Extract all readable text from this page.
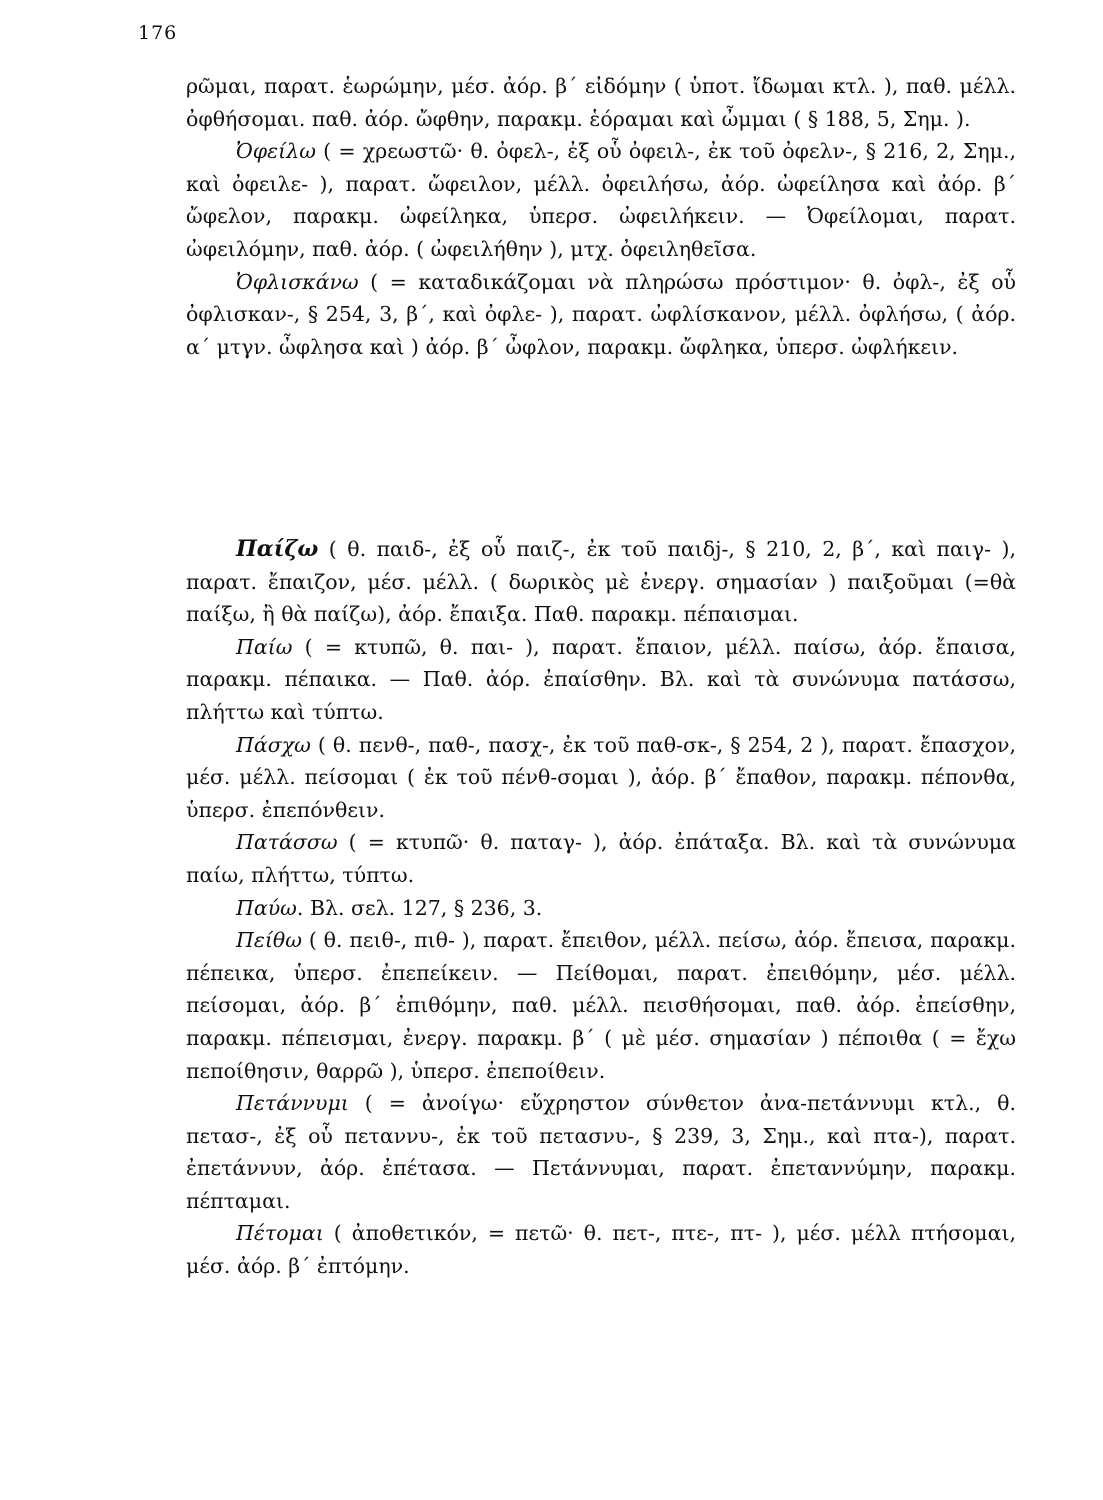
176

ρῶμαι, παρατ. ἑωρώμην, μέσ. ἀόρ. β΄ εἰδόμην ( ὑποτ. ἴδωμαι κτλ. ), παθ. μέλλ. ὀφθήσομαι. παθ. ἀόρ. ὤφθην, παρακμ. ἑόραμαι καὶ ὦμμαι ( § 188, 5, Σημ. ).

Ὀφείλω ( = χρεωστῶ· θ. ὀφελ-, ἐξ οὗ ὀφειλ-, ἐκ τοῦ ὀφελν-, § 216, 2, Σημ., καὶ ὀφειλε- ), παρατ. ὤφειλον, μέλλ. ὀφειλήσω, ἀόρ. ὠφείλησα καὶ ἀόρ. β΄ ὤφελον, παρακμ. ὠφείληκα, ὑπερσ. ὠφειλήκειν. — Ὀφείλομαι, παρατ. ὠφειλόμην, παθ. ἀόρ. ( ὠφειλήθην ), μτχ. ὀφειληθεῖσα.

Ὀφλισκάνω ( = καταδικάζομαι νὰ πληρώσω πρόστιμον· θ. ὀφλ-, ἐξ οὗ ὀφλισκαν-, § 254, 3, β΄, καὶ ὀφλε- ), παρατ. ὠφλίσκανον, μέλλ. ὀφλήσω, ( ἀόρ. α΄ μτγν. ὦφλησα καὶ ) ἀόρ. β΄ ὦφλον, παρακμ. ὤφληκα, ὑπερσ. ὠφλήκειν.

Παίζω ( θ. παιδ-, ἐξ οὗ παιζ-, ἐκ τοῦ παιδj-, § 210, 2, β΄, καὶ παιγ- ), παρατ. ἔπαιζον, μέσ. μέλλ. ( δωρικὸς μὲ ἐνεργ. σημασίαν ) παιξοῦμαι (=θὰ παίξω, ἢ θὰ παίζω), ἀόρ. ἔπαιξα. Παθ. παρακμ. πέπαισμαι.

Παίω ( = κτυπῶ, θ. παι- ), παρατ. ἔπαιον, μέλλ. παίσω, ἀόρ. ἔπαισα, παρακμ. πέπαικα. — Παθ. ἀόρ. ἐπαίσθην. Βλ. καὶ τὰ συνώνυμα πατάσσω, πλήττω καὶ τύπτω.

Πάσχω ( θ. πενθ-, παθ-, πασχ-, ἐκ τοῦ παθ-σκ-, § 254, 2 ), παρατ. ἔπασχον, μέσ. μέλλ. πείσομαι ( ἐκ τοῦ πένθ-σομαι ), ἀόρ. β΄ ἔπαθον, παρακμ. πέπονθα, ὑπερσ. ἐπεπόνθειν.

Πατάσσω ( = κτυπῶ· θ. παταγ- ), ἀόρ. ἐπάταξα. Βλ. καὶ τὰ συνώνυμα παίω, πλήττω, τύπτω.

Παύω. Βλ. σελ. 127, § 236, 3.

Πείθω ( θ. πειθ-, πιθ- ), παρατ. ἔπειθον, μέλλ. πείσω, ἀόρ. ἔπεισα, παρακμ. πέπεικα, ὑπερσ. ἐπεπείκειν. — Πείθομαι, παρατ. ἐπειθόμην, μέσ. μέλλ. πείσομαι, ἀόρ. β΄ ἐπιθόμην, παθ. μέλλ. πεισθήσομαι, παθ. ἀόρ. ἐπείσθην, παρακμ. πέπεισμαι, ἐνεργ. παρακμ. β΄ ( μὲ μέσ. σημασίαν ) πέποιθα ( = ἔχω πεποίθησιν, θαρρῶ ), ὑπερσ. ἐπεποίθειν.

Πετάννυμι ( = ἀνοίγω· εὔχρηστον σύνθετον ἀνα-πετάννυμι κτλ., θ. πετασ-, ἐξ οὗ πεταννυ-, ἐκ τοῦ πετασνυ-, § 239, 3, Σημ., καὶ πτα-), παρατ. ἐπετάννυν, ἀόρ. ἐπέτασα. — Πετάννυμαι, παρατ. ἐπεταννύμην, παρακμ. πέπταμαι.

Πέτομαι ( ἀποθετικόν, = πετῶ· θ. πετ-, πτε-, πτ- ), μέσ. μέλλ πτήσομαι, μέσ. ἀόρ. β΄ ἐπτόμην.
